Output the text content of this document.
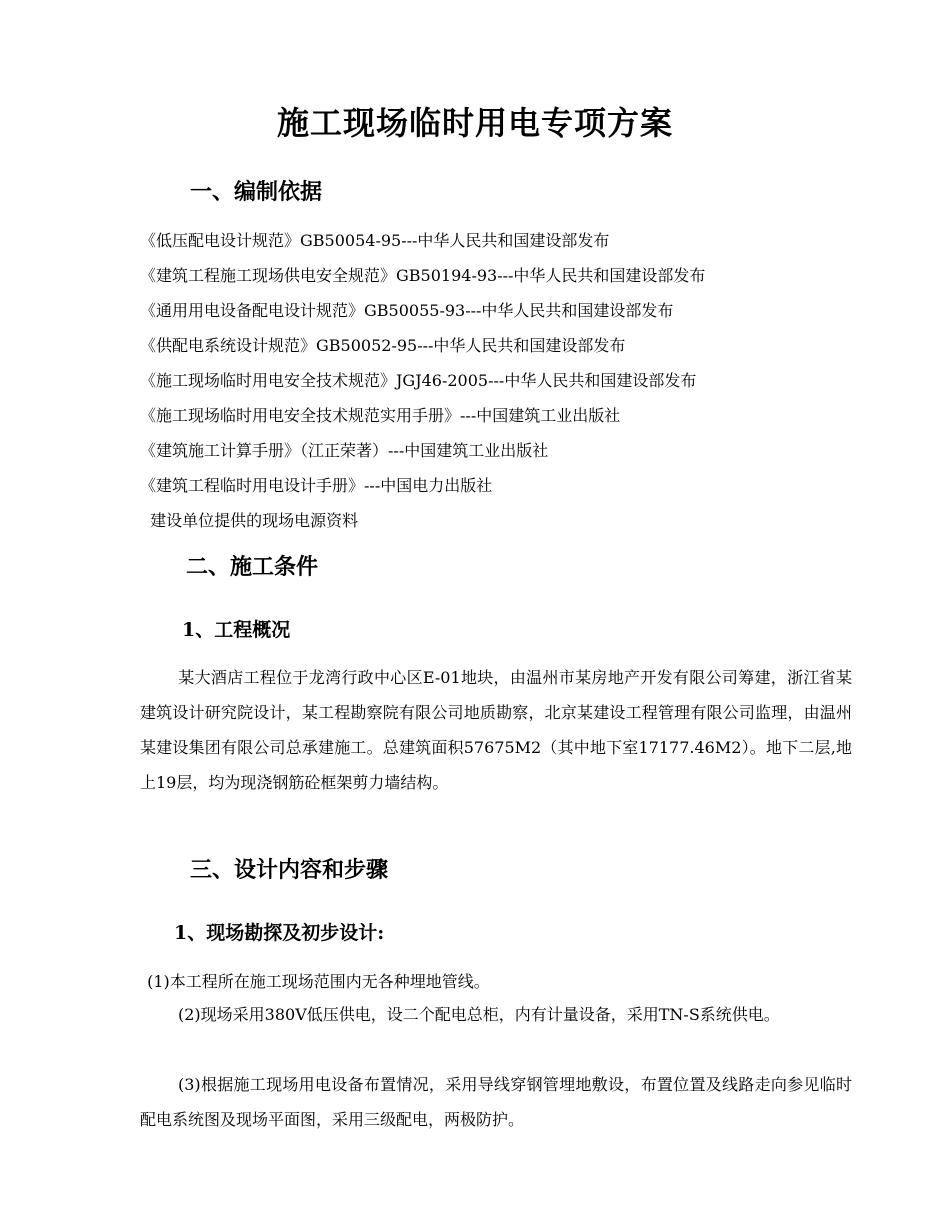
施工现场临时用电专项方案
一、编制依据
《低压配电设计规范》GB50054-95---中华人民共和国建设部发布
《建筑工程施工现场供电安全规范》GB50194-93---中华人民共和国建设部发布
《通用用电设备配电设计规范》GB50055-93---中华人民共和国建设部发布
《供配电系统设计规范》GB50052-95---中华人民共和国建设部发布
《施工现场临时用电安全技术规范》JGJ46-2005---中华人民共和国建设部发布
《施工现场临时用电安全技术规范实用手册》---中国建筑工业出版社
《建筑施工计算手册》（江正荣著）---中国建筑工业出版社
《建筑工程临时用电设计手册》---中国电力出版社
建设单位提供的现场电源资料
二、施工条件
1、工程概况
某大酒店工程位于龙湾行政中心区E-01地块，由温州市某房地产开发有限公司筹建，浙江省某建筑设计研究院设计，某工程勘察院有限公司地质勘察，北京某建设工程管理有限公司监理，由温州某建设集团有限公司总承建施工。总建筑面积57675M2（其中地下室17177.46M2）。地下二层,地上19层，均为现浇钢筋砼框架剪力墙结构。
三、设计内容和步骤
1、现场勘探及初步设计:
(1)本工程所在施工现场范围内无各种埋地管线。
(2)现场采用380V低压供电，设二个配电总柜，内有计量设备，采用TN-S系统供电。
(3)根据施工现场用电设备布置情况，采用导线穿钢管埋地敷设，布置位置及线路走向参见临时配电系统图及现场平面图，采用三级配电，两极防护。
